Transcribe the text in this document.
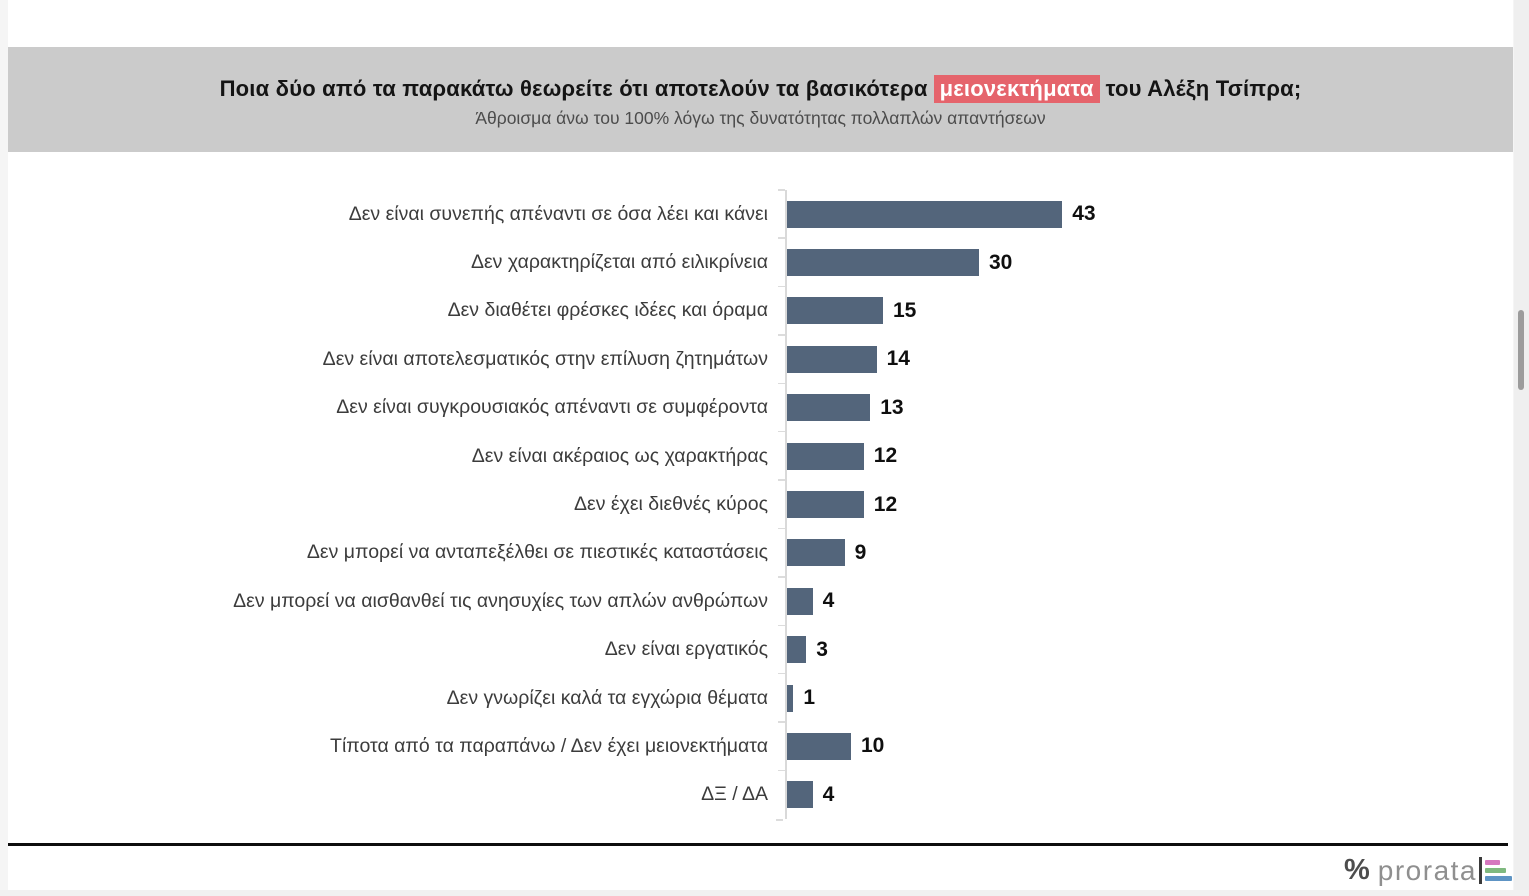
Ποια δύο από τα παρακάτω θεωρείτε ότι αποτελούν τα βασικότερα μειονεκτήματα του Αλέξη Τσίπρα;
Άθροισμα άνω του 100% λόγω της δυνατότητας πολλαπλών απαντήσεων
Δεν είναι συνεπής απέναντι σε όσα λέει και κάνει	43
Δεν χαρακτηρίζεται από ειλικρίνεια	30
Δεν διαθέτει φρέσκες ιδέες και όραμα	15
Δεν είναι αποτελεσματικός στην επίλυση ζητημάτων	14
Δεν είναι συγκρουσιακός απέναντι σε συμφέροντα	13
Δεν είναι ακέραιος ως χαρακτήρας	12
Δεν έχει διεθνές κύρος	12
Δεν μπορεί να ανταπεξέλθει σε πιεστικές καταστάσεις	9
Δεν μπορεί να αισθανθεί τις ανησυχίες των απλών ανθρώπων	4
Δεν είναι εργατικός	3
Δεν γνωρίζει καλά τα εγχώρια θέματα	1
Τίποτα από τα παραπάνω / Δεν έχει μειονεκτήματα	10
ΔΞ / ΔΑ	4
% prorata
